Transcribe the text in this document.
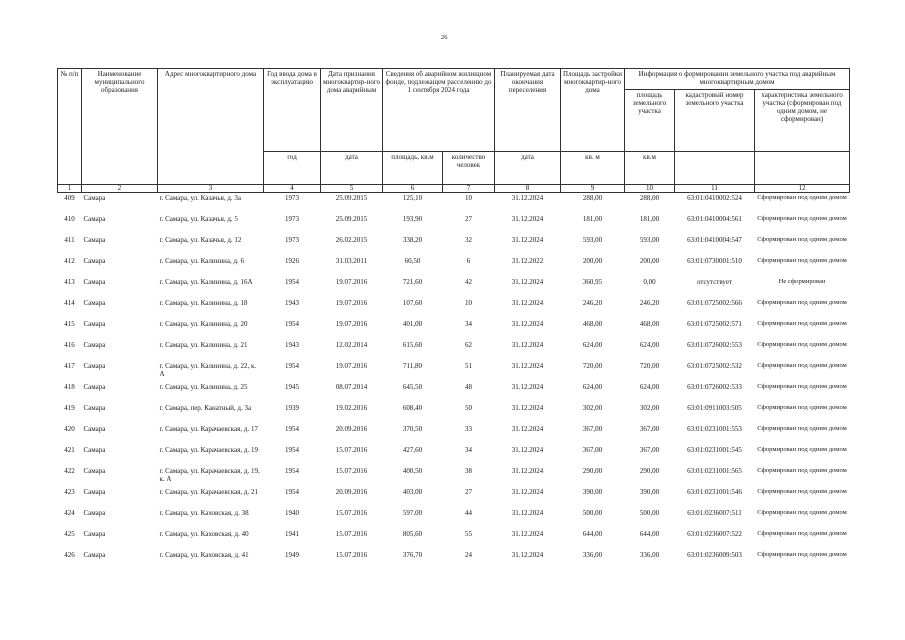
26
№ п/п	Наименование муниципального образования	Адрес многоквартирного дома	Год ввода дома в эксплуатацию	Дата признания многоквартир-ного дома аварийным	Сведения об аварийном жилищном фонде, подлежащем расселению до 1 сентября 2024 года		Планируемая дата окончания переселения	Площадь застройки многоквартир-ного дома	Информация о формировании земельного участка под аварийным многоквартирным домом		
									площадь земельного участка	кадастровый номер земельного участка	характеристика земельного участка (сформирован под одним домом, не сформирован)
			год	дата	площадь, кв.м	количество человек	дата	кв. м	кв.м		
1	2	3	4	5	6	7	8	9	10	11	12
409	Самара	г. Самара, ул. Казачья, д. 3а	1973	25.09.2015	125,10	10	31.12.2024	288,00	288,00	63:01:0410002:524	Сформирован под одним домом
410	Самара	г. Самара, ул. Казачья, д. 5	1973	25.09.2015	193,90	27	31.12.2024	181,00	181,00	63:01:0410004:561	Сформирован под одним домом
411	Самара	г. Самара, ул. Казачья, д. 12	1973	26.02.2015	338,20	32	31.12.2024	593,00	593,00	63:01:0410004:547	Сформирован под одним домом
412	Самара	г. Самара, ул. Калинина, д. 6	1926	31.03.2011	60,50	6	31.12.2022	200,00	200,00	63:01:0730001:510	Сформирован под одним домом
413	Самара	г. Самара, ул. Калинина, д. 16А	1954	19.07.2016	721,60	42	31.12.2024	360,95	0,00	отсутствует	Не сформирован
414	Самара	г. Самара, ул. Калинина, д. 18	1943	19.07.2016	107,60	10	31.12.2024	246,20	246,20	63:01:0725002:566	Сформирован под одним домом
415	Самара	г. Самара, ул. Калинина, д. 20	1954	19.07.2016	401,00	34	31.12.2024	468,00	468,00	63:01:0725002:571	Сформирован под одним домом
416	Самара	г. Самара, ул. Калинина, д. 21	1943	12.02.2014	615,60	62	31.12.2024	624,00	624,00	63:01:0726002:553	Сформирован под одним домом
417	Самара	г. Самара, ул. Калинина, д. 22, к. А	1954	19.07.2016	711,80	51	31.12.2024	720,00	720,00	63:01:0725002:532	Сформирован под одним домом
418	Самара	г. Самара, ул. Калинина, д. 25	1945	08.07.2014	645,50	48	31.12.2024	624,00	624,00	63:01:0726002:533	Сформирован под одним домом
419	Самара	г. Самара, пер. Канатный, д. 3а	1939	19.02.2016	608,40	50	31.12.2024	302,00	302,00	63:01:0911003:505	Сформирован под одним домом
420	Самара	г. Самара, ул. Карачаевская, д. 17	1954	20.09.2016	370,50	33	31.12.2024	367,00	367,00	63:01:0231001:553	Сформирован под одним домом
421	Самара	г. Самара, ул. Карачаевская, д. 19	1954	15.07.2016	427,60	34	31.12.2024	367,00	367,00	63:01:0231001:545	Сформирован под одним домом
422	Самара	г. Самара, ул. Карачаевская, д. 19, к. А	1954	15.07.2016	400,50	38	31.12.2024	290,00	290,00	63:01:0231001:565	Сформирован под одним домом
423	Самара	г. Самара, ул. Карачаевская, д. 21	1954	20.09.2016	403,00	27	31.12.2024	390,00	390,00	63:01:0231001:546	Сформирован под одним домом
424	Самара	г. Самара, ул. Каховская, д. 38	1940	15.07.2016	597,00	44	31.12.2024	500,00	500,00	63:01:0236007:511	Сформирован под одним домом
425	Самара	г. Самара, ул. Каховская, д. 40	1941	15.07.2016	805,60	55	31.12.2024	644,00	644,00	63:01:0236007:522	Сформирован под одним домом
426	Самара	г. Самара, ул. Каховская, д. 41	1949	15.07.2016	376,70	24	31.12.2024	336,00	336,00	63:01:0236009:503	Сформирован под одним домом
